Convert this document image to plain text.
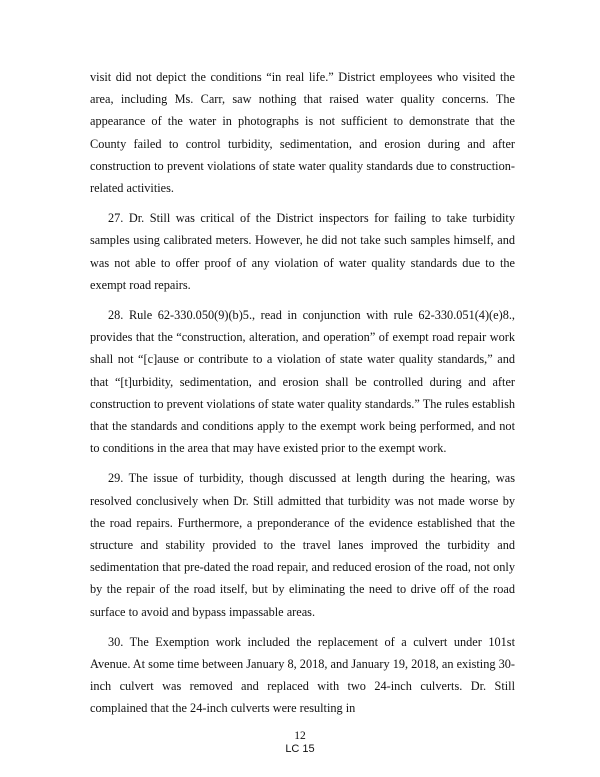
visit did not depict the conditions “in real life.” District employees who visited the area, including Ms. Carr, saw nothing that raised water quality concerns. The appearance of the water in photographs is not sufficient to demonstrate that the County failed to control turbidity, sedimentation, and erosion during and after construction to prevent violations of state water quality standards due to construction-related activities.

27. Dr. Still was critical of the District inspectors for failing to take turbidity samples using calibrated meters. However, he did not take such samples himself, and was not able to offer proof of any violation of water quality standards due to the exempt road repairs.

28. Rule 62-330.050(9)(b)5., read in conjunction with rule 62-330.051(4)(e)8., provides that the “construction, alteration, and operation” of exempt road repair work shall not “[c]ause or contribute to a violation of state water quality standards,” and that “[t]urbidity, sedimentation, and erosion shall be controlled during and after construction to prevent violations of state water quality standards.” The rules establish that the standards and conditions apply to the exempt work being performed, and not to conditions in the area that may have existed prior to the exempt work.

29. The issue of turbidity, though discussed at length during the hearing, was resolved conclusively when Dr. Still admitted that turbidity was not made worse by the road repairs. Furthermore, a preponderance of the evidence established that the structure and stability provided to the travel lanes improved the turbidity and sedimentation that pre-dated the road repair, and reduced erosion of the road, not only by the repair of the road itself, but by eliminating the need to drive off of the road surface to avoid and bypass impassable areas.

30. The Exemption work included the replacement of a culvert under 101st Avenue. At some time between January 8, 2018, and January 19, 2018, an existing 30-inch culvert was removed and replaced with two 24-inch culverts. Dr. Still complained that the 24-inch culverts were resulting in

12
LC 15
